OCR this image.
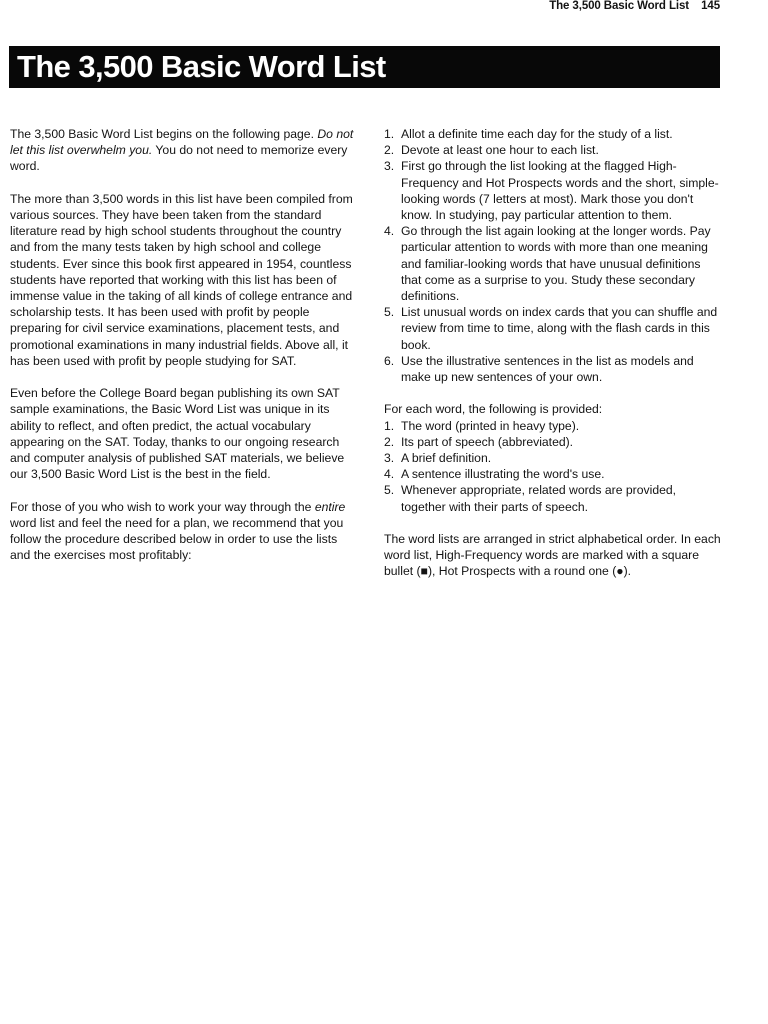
The 3,500 Basic Word List 145
The 3,500 Basic Word List

The 3,500 Basic Word List begins on the following page. Do not let this list overwhelm you. You do not need to memorize every word.

The more than 3,500 words in this list have been compiled from various sources. They have been taken from the standard literature read by high school students throughout the country and from the many tests taken by high school and college students. Ever since this book first appeared in 1954, countless students have reported that working with this list has been of immense value in the taking of all kinds of college entrance and scholarship tests. It has been used with profit by people preparing for civil service examinations, placement tests, and promotional examinations in many industrial fields. Above all, it has been used with profit by people studying for SAT.

Even before the College Board began publishing its own SAT sample examinations, the Basic Word List was unique in its ability to reflect, and often predict, the actual vocabulary appearing on the SAT. Today, thanks to our ongoing research and computer analysis of published SAT materials, we believe our 3,500 Basic Word List is the best in the field.

For those of you who wish to work your way through the entire word list and feel the need for a plan, we recommend that you follow the procedure described below in order to use the lists and the exercises most profitably:

1. Allot a definite time each day for the study of a list.
2. Devote at least one hour to each list.
3. First go through the list looking at the flagged High-Frequency and Hot Prospects words and the short, simple-looking words (7 letters at most). Mark those you don't know. In studying, pay particular attention to them.
4. Go through the list again looking at the longer words. Pay particular attention to words with more than one meaning and familiar-looking words that have unusual definitions that come as a surprise to you. Study these secondary definitions.
5. List unusual words on index cards that you can shuffle and review from time to time, along with the flash cards in this book.
6. Use the illustrative sentences in the list as models and make up new sentences of your own.

For each word, the following is provided:

1. The word (printed in heavy type).
2. Its part of speech (abbreviated).
3. A brief definition.
4. A sentence illustrating the word's use.
5. Whenever appropriate, related words are provided, together with their parts of speech.

The word lists are arranged in strict alphabetical order. In each word list, High-Frequency words are marked with a square bullet (■), Hot Prospects with a round one (●).
